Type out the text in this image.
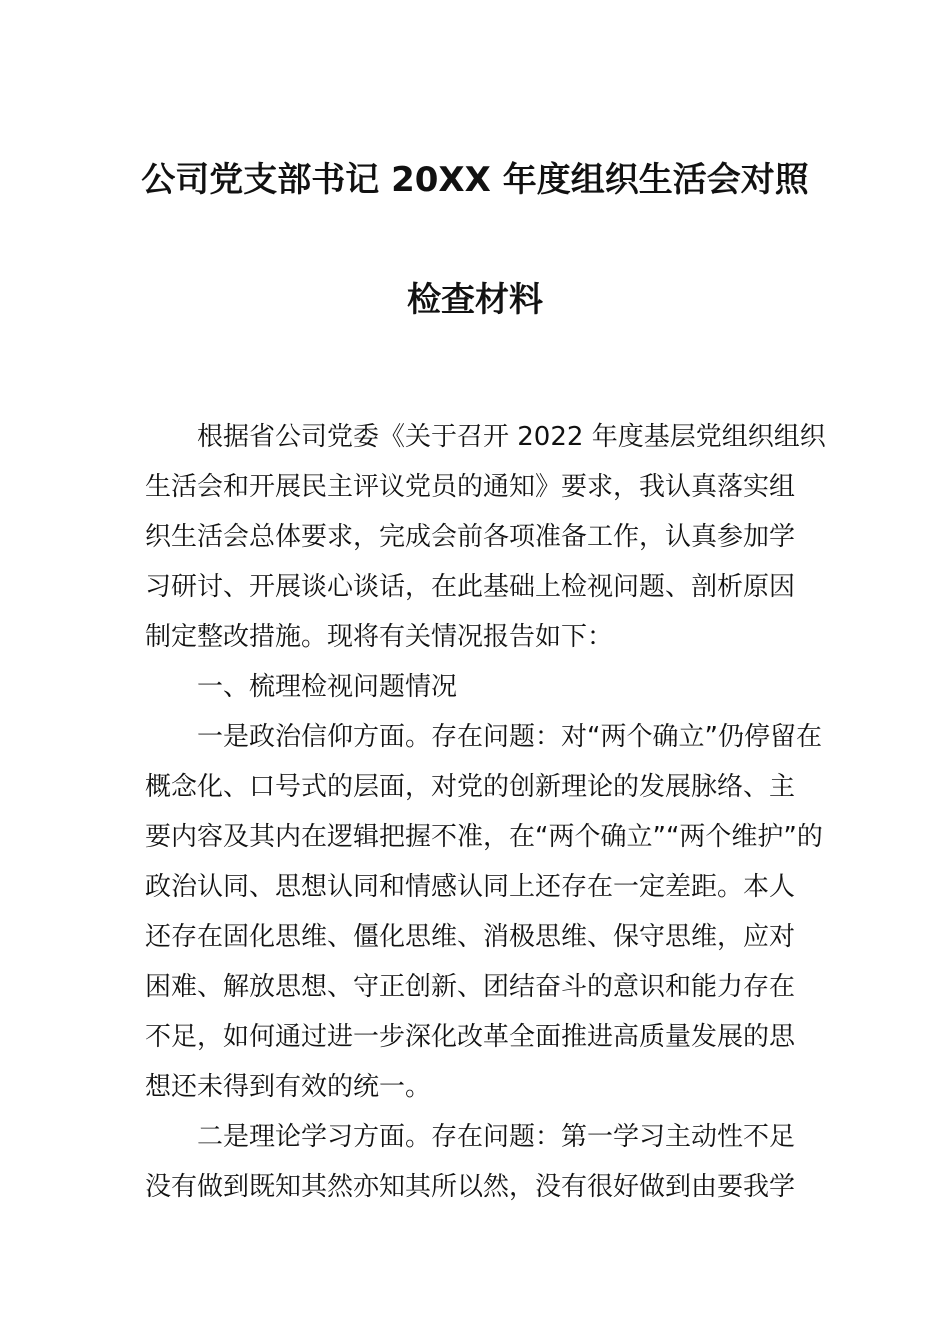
公司党支部书记 20XX 年度组织生活会对照
检查材料
根据省公司党委《关于召开 2022 年度基层党组织组织
生活会和开展民主评议党员的通知》要求，我认真落实组
织生活会总体要求，完成会前各项准备工作，认真参加学
习研讨、开展谈心谈话，在此基础上检视问题、剖析原因
制定整改措施。现将有关情况报告如下：
一、梳理检视问题情况
一是政治信仰方面。存在问题：对“两个确立”仍停留在
概念化、口号式的层面，对党的创新理论的发展脉络、主
要内容及其内在逻辑把握不准，在“两个确立”“两个维护”的
政治认同、思想认同和情感认同上还存在一定差距。本人
还存在固化思维、僵化思维、消极思维、保守思维，应对
困难、解放思想、守正创新、团结奋斗的意识和能力存在
不足，如何通过进一步深化改革全面推进高质量发展的思
想还未得到有效的统一。
二是理论学习方面。存在问题：第一学习主动性不足
没有做到既知其然亦知其所以然，没有很好做到由要我学
